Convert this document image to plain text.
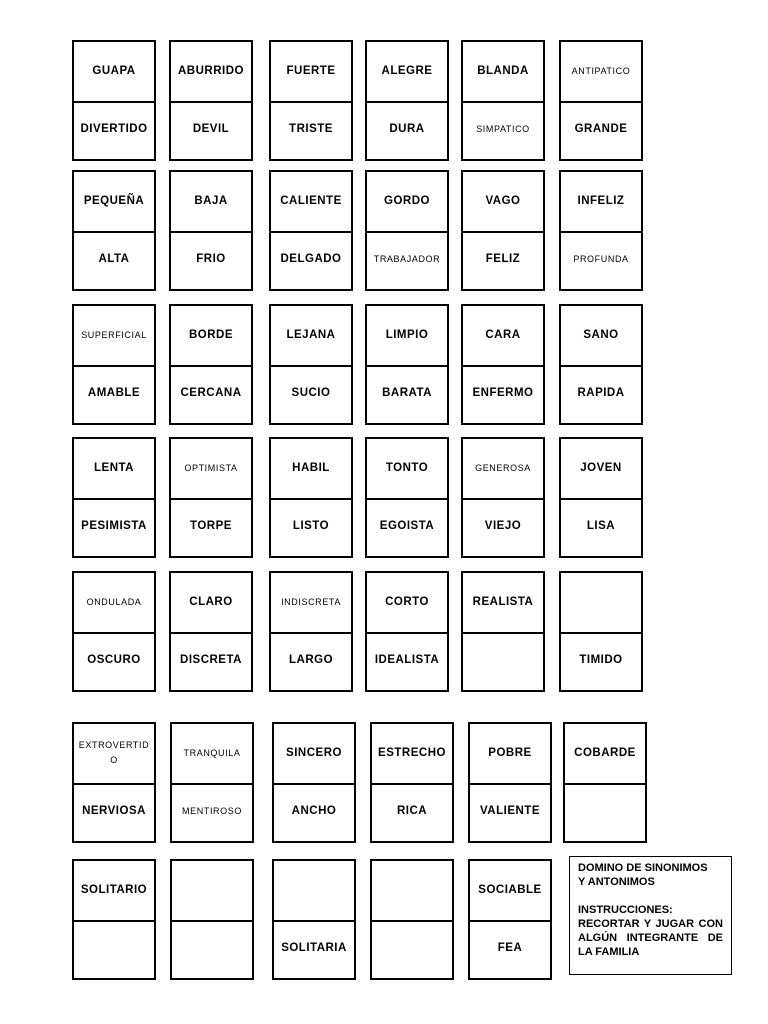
GUAPA
DIVERTIDO
ABURRIDO
DEVIL
FUERTE
TRISTE
ALEGRE
DURA
BLANDA
SIMPATICO
ANTIPATICO
GRANDE
PEQUEÑA
ALTA
BAJA
FRIO
CALIENTE
DELGADO
GORDO
TRABAJADOR
VAGO
FELIZ
INFELIZ
PROFUNDA
SUPERFICIAL
AMABLE
BORDE
CERCANA
LEJANA
SUCIO
LIMPIO
BARATA
CARA
ENFERMO
SANO
RAPIDA
LENTA
PESIMISTA
OPTIMISTA
TORPE
HABIL
LISTO
TONTO
EGOISTA
GENEROSA
VIEJO
JOVEN
LISA
ONDULADA
OSCURO
CLARO
DISCRETA
INDISCRETA
LARGO
CORTO
IDEALISTA
REALISTA
TIMIDO
EXTROVERTIDO
NERVIOSA
TRANQUILA
MENTIROSO
SINCERO
ANCHO
ESTRECHO
RICA
POBRE
VALIENTE
COBARDE
SOLITARIO
SOLITARIA
SOCIABLE
FEA

DOMINO DE SINONIMOS

Y ANTONIMOS

INSTRUCCIONES:

RECORTAR Y JUGAR CON ALGÚN INTEGRANTE DE LA FAMILIA
